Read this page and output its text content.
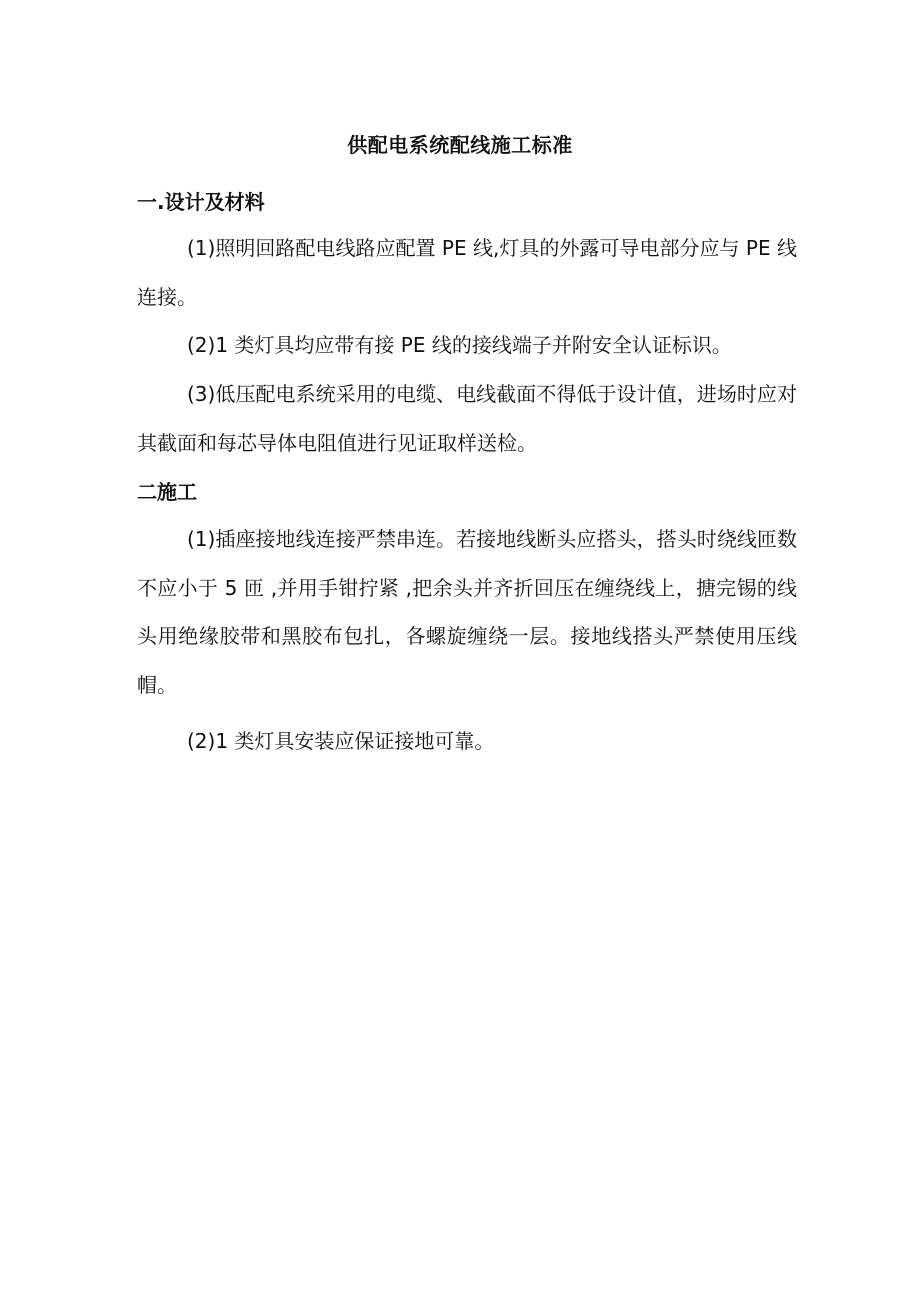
供配电系统配线施工标准
一.设计及材料

(1)照明回路配电线路应配置 PE 线,灯具的外露可导电部分应与 PE 线连接。

(2)1 类灯具均应带有接 PE 线的接线端子并附安全认证标识。

(3)低压配电系统采用的电缆、电线截面不得低于设计值，进场时应对其截面和每芯导体电阻值进行见证取样送检。

二施工

(1)插座接地线连接严禁串连。若接地线断头应搭头，搭头时绕线匝数不应小于 5 匝 ,并用手钳拧紧 ,把余头并齐折回压在缠绕线上，搪完锡的线头用绝缘胶带和黑胶布包扎，各螺旋缠绕一层。接地线搭头严禁使用压线帽。

(2)1 类灯具安装应保证接地可靠。
